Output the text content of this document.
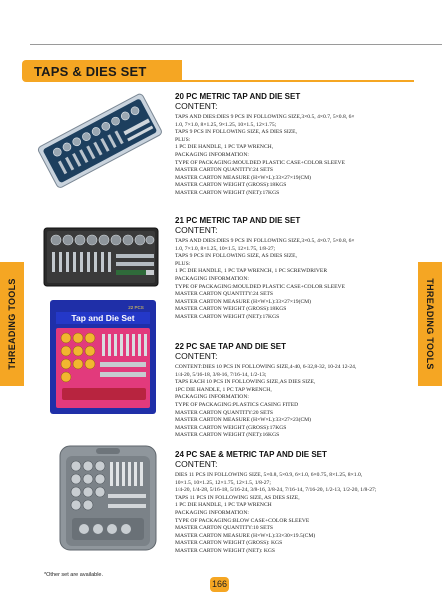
TAPS & DIES SET
THREADING TOOLS	THREADING TOOLS
20 PC METRIC TAP AND DIE SET
CONTENT:
TAPS AND DIES:DIES 9 PCS IN FOLLOWING SIZE,3×0.5, 4×0.7, 5×0.8, 6×
1.0, 7×1.0, 8×1.25, 9×1.25, 10×1.5, 12×1.75;
TAPS 9 PCS IN FOLLOWING SIZE, AS DIES SIZE,
PLUS:
1 PC DIE HANDLE, 1 PC TAP WRENCH,
PACKAGING INFORMATION:
TYPE OF PACKAGING:MOULDED PLASTIC CASE+COLOR SLEEVE
MASTER CARTON QUANTITY:24 SETS
MASTER CARTON MEASURE (H×W×L):33×27×19(CM)
MASTER CARTON WEIGHT (GROSS):18KGS
MASTER CARTON WEIGHT (NET):17KGS
21 PC METRIC TAP AND DIE SET
CONTENT:
TAPS AND DIES:DIES 9 PCS IN FOLLOWING SIZE,3×0.5, 4×0.7, 5×0.8, 6×
1.0, 7×1.0, 8×1.25, 10×1.5, 12×1.75, 1/8-27;
TAPS 9 PCS IN FOLLOWING SIZE, AS DIES SIZE,
PLUS:
1 PC DIE HANDLE, 1 PC TAP WRENCH, 1 PC SCREWDRIVER
PACKAGING INFORMATION:
TYPE OF PACKAGING:MOULDED PLASTIC CASE+COLOR SLEEVE
MASTER CARTON QUANTITY:24 SETS
MASTER CARTON MEASURE (H×W×L):33×27×19(CM)
MASTER CARTON WEIGHT (GROSS):18KGS
MASTER CARTON WEIGHT (NET):17KGS
Tap and Die Set
22 PCS
22 PC SAE TAP AND DIE SET
CONTENT:
CONTENT:DIES 10 PCS IN FOLLOWING SIZE,4-40, 6-32,8-32, 10-24 12-24,
1/4-20, 5/16-18, 3/8-16, 7/16-14, 1/2-13;
TAPS EACH 10 PCS IN FOLLOWING SIZE,AS DIES SIZE,
1PC DIE HANDLE, 1 PC TAP WRENCH,
PACKAGING INFORMATION:
TYPE OF PACKAGING:PLASTICS CASING FITED
MASTER CARTON QUANTITY:20 SETS
MASTER CARTON MEASURE (H×W×L):33×27×23(CM)
MASTER CARTON WEIGHT (GROSS):17KGS
MASTER CARTON WEIGHT (NET):16KGS
24 PC SAE & METRIC TAP AND DIE SET
CONTENT:
DIES 11 PCS IN FOLLOWING SIZE, 5×0.8, 5×0.9, 6×1.0, 6×0.75, 8×1.25, 8×1.0,
10×1.5, 10×1.25, 12×1.75, 12×1.5, 1/8-27;
1/4-20, 1/4-28, 5/16-18, 5/16-24, 3/8-16, 3/8-24, 7/16-14, 7/16-20, 1/2-13, 1/2-20, 1/8-27;
TAPS 11 PCS IN FOLLOWING SIZE, AS DIES SIZE,
1 PC DIE HANDLE, 1 PC TAP WRENCH
PACKAGING INFORMATION:
TYPE OF PACKAGING:BLOW CASE+COLOR SLEEVE
MASTER CARTON QUANTITY:10 SETS
MASTER CARTON MEASURE (H×W×L):33×30×19.5(CM)
MASTER CARTON WEIGHT (GROSS): KGS
MASTER CARTON WEIGHT (NET): KGS
*Other set are available.
166
